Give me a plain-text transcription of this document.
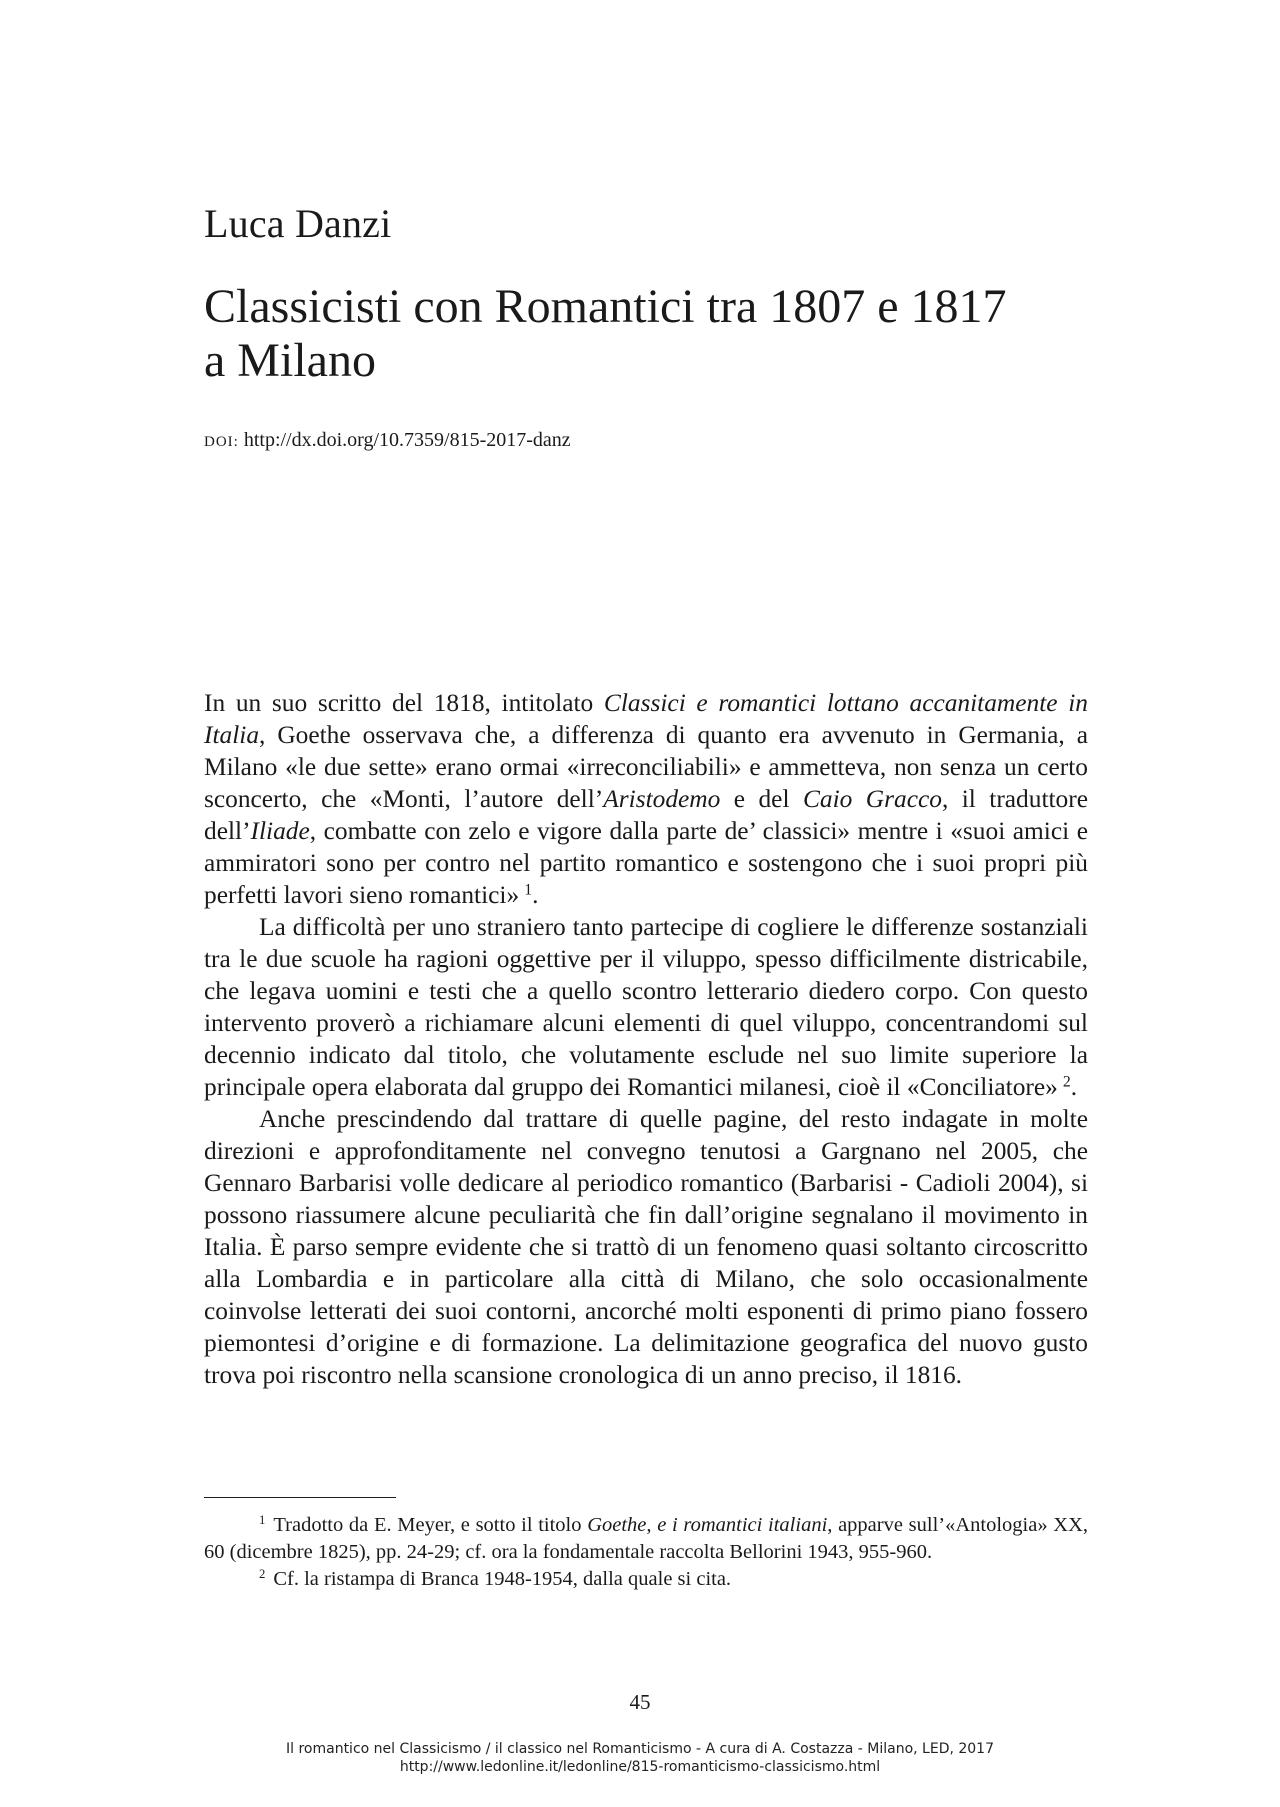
Luca Danzi
Classicisti con Romantici tra 1807 e 1817
a Milano
DOI: http://dx.doi.org/10.7359/815-2017-danz

In un suo scritto del 1818, intitolato Classici e romantici lottano accanitamente in Italia, Goethe osservava che, a differenza di quanto era avvenuto in Germania, a Milano «le due sette» erano ormai «irreconciliabili» e ammetteva, non senza un certo sconcerto, che «Monti, l’autore dell’Aristodemo e del Caio Gracco, il traduttore dell’Iliade, combatte con zelo e vigore dalla parte de’ classici» mentre i «suoi amici e ammiratori sono per contro nel partito romantico e sostengono che i suoi propri più perfetti lavori sieno romantici»  $^1$.

La difficoltà per uno straniero tanto partecipe di cogliere le differenze sostanziali tra le due scuole ha ragioni oggettive per il viluppo, spesso difficilmente districabile, che legava uomini e testi che a quello scontro letterario diedero corpo. Con questo intervento proverò a richiamare alcuni elementi di quel viluppo, concentrandomi sul decennio indicato dal titolo, che volutamente esclude nel suo limite superiore la principale opera elaborata dal gruppo dei Romantici milanesi, cioè il «Conciliatore»  $^2$.

Anche prescindendo dal trattare di quelle pagine, del resto indagate in molte direzioni e approfonditamente nel convegno tenutosi a Gargnano nel 2005, che Gennaro Barbarisi volle dedicare al periodico romantico (Barbarisi - Cadioli 2004), si possono riassumere alcune peculiarità che fin dall’origine segnalano il movimento in Italia. È parso sempre evidente che si trattò di un fenomeno quasi soltanto circoscritto alla Lombardia e in particolare alla città di Milano, che solo occasionalmente coinvolse letterati dei suoi contorni, ancorché molti esponenti di primo piano fossero piemontesi d’origine e di formazione. La delimitazione geografica del nuovo gusto trova poi riscontro nella scansione cronologica di un anno preciso, il 1816.

$^1$ Tradotto da E. Meyer, e sotto il titolo Goethe, e i romantici italiani, apparve sull’«Antologia» XX, 60 (dicembre 1825), pp. 24-29; cf. ora la fondamentale raccolta Bellorini 1943, 955-960.

$^2$ Cf. la ristampa di Branca 1948-1954, dalla quale si cita.

45
Il romantico nel Classicismo / il classico nel Romanticismo - A cura di A. Costazza - Milano, LED, 2017
http://www.ledonline.it/ledonline/815-romanticismo-classicismo.html
